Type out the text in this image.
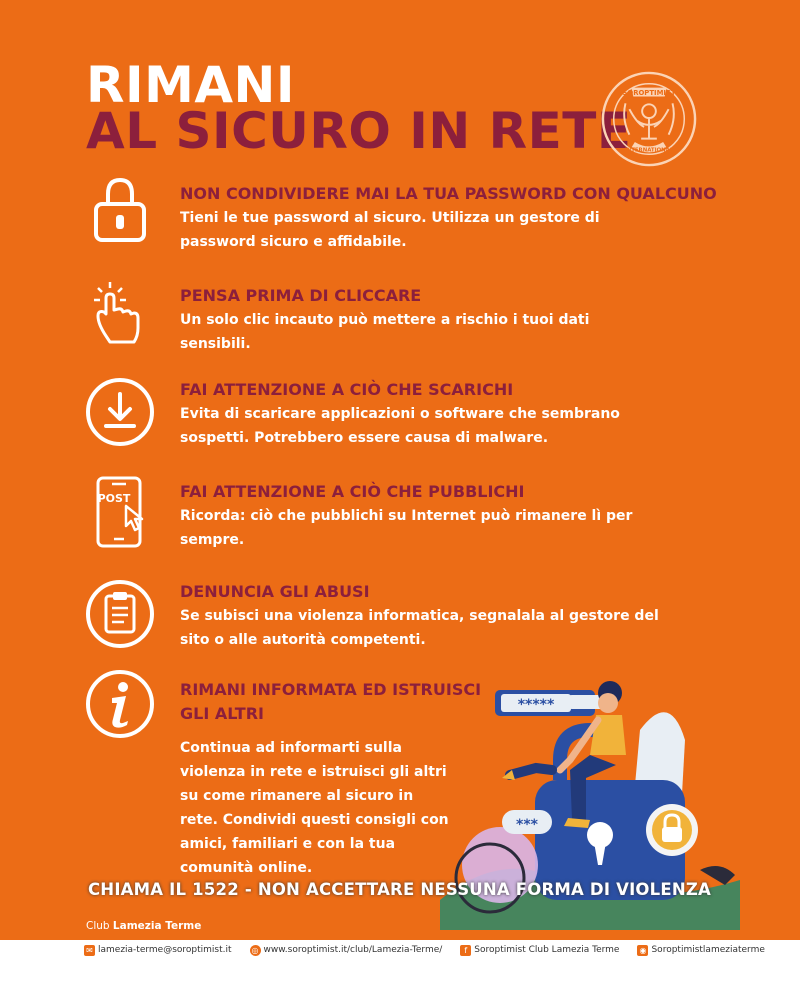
RIMANI
AL SICURO IN RETE
SOROPTIMIST
INTERNATIONAL
NON CONDIVIDERE MAI LA TUA PASSWORD CON QUALCUNO
Tieni le tue password al sicuro. Utilizza un gestore di
password sicuro e affidabile.
PENSA PRIMA DI CLICCARE
Un solo clic incauto può mettere a rischio i tuoi dati
sensibili.
FAI ATTENZIONE A CIÒ CHE SCARICHI
Evita di scaricare applicazioni o software che sembrano
sospetti. Potrebbero essere causa di malware.
POST	FAI ATTENZIONE A CIÒ CHE PUBBLICHI
Ricorda: ciò che pubblichi su Internet può rimanere lì per
sempre.
DENUNCIA GLI ABUSI
Se subisci una violenza informatica, segnalala al gestore del
sito o alle autorità competenti.
RIMANI INFORMATA ED ISTRUISCI
GLI ALTRI
Continua ad informarti sulla
violenza in rete e istruisci gli altri
su come rimanere al sicuro in
rete. Condividi questi consigli con
amici, familiari e con la tua
comunità online.
***
*****
CHIAMA IL 1522 - NON ACCETTARE NESSUNA FORMA DI VIOLENZA
Club Lamezia Terme
✉ lamezia-terme@soroptimist.it	◎ www.soroptimist.it/club/Lamezia-Terme/	f Soroptimist Club Lamezia Terme	◉ Soroptimistlameziaterme
